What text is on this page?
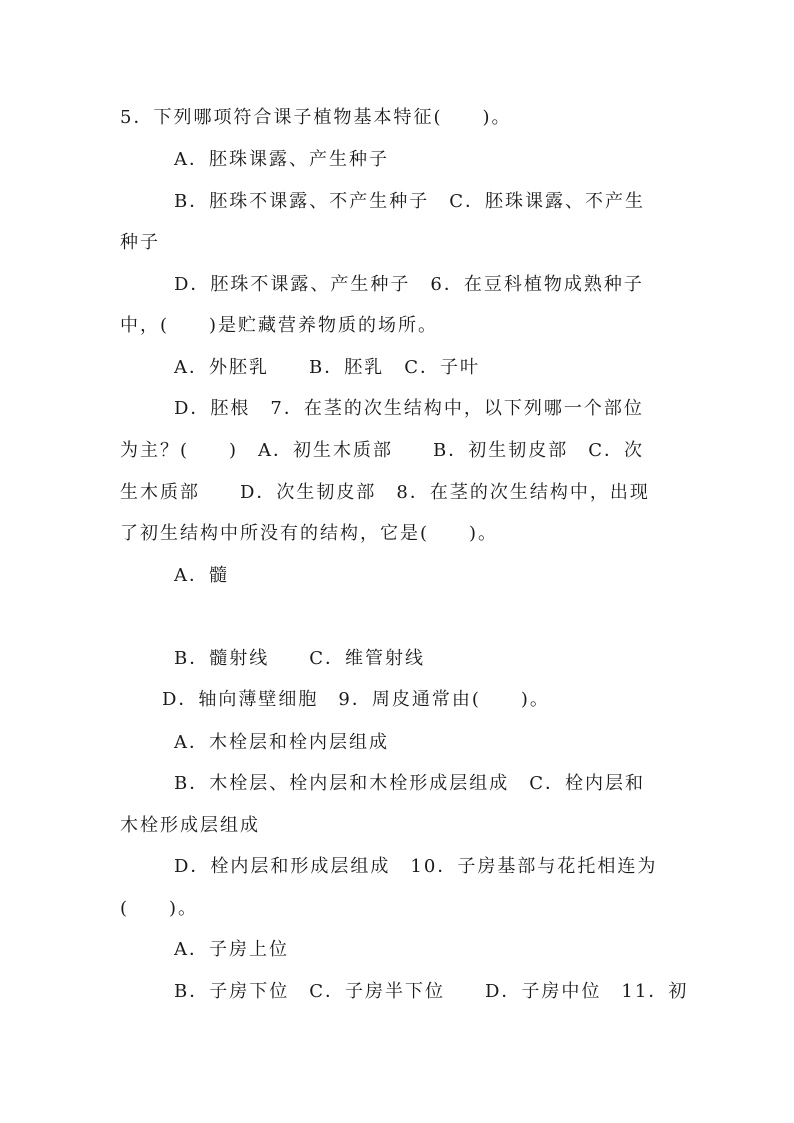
5．下列哪项符合课子植物基本特征(　　)。
A．胚珠课露、产生种子
B．胚珠不课露、不产生种子　C．胚珠课露、不产生
种子
D．胚珠不课露、产生种子　6．在豆科植物成熟种子
中，(　　)是贮藏营养物质的场所。
A．外胚乳　　B．胚乳　C．子叶
D．胚根　7．在茎的次生结构中，以下列哪一个部位
为主？(　　)　A．初生木质部　　B．初生韧皮部　C．次
生木质部　　D．次生韧皮部　8．在茎的次生结构中，出现
了初生结构中所没有的结构，它是(　　)。
A．髓
B．髓射线　　C．维管射线
D．轴向薄壁细胞　9．周皮通常由(　　)。
A．木栓层和栓内层组成
B．木栓层、栓内层和木栓形成层组成　C．栓内层和
木栓形成层组成
D．栓内层和形成层组成　10．子房基部与花托相连为
(　　)。
A．子房上位
B．子房下位　C．子房半下位　　D．子房中位　11．初
